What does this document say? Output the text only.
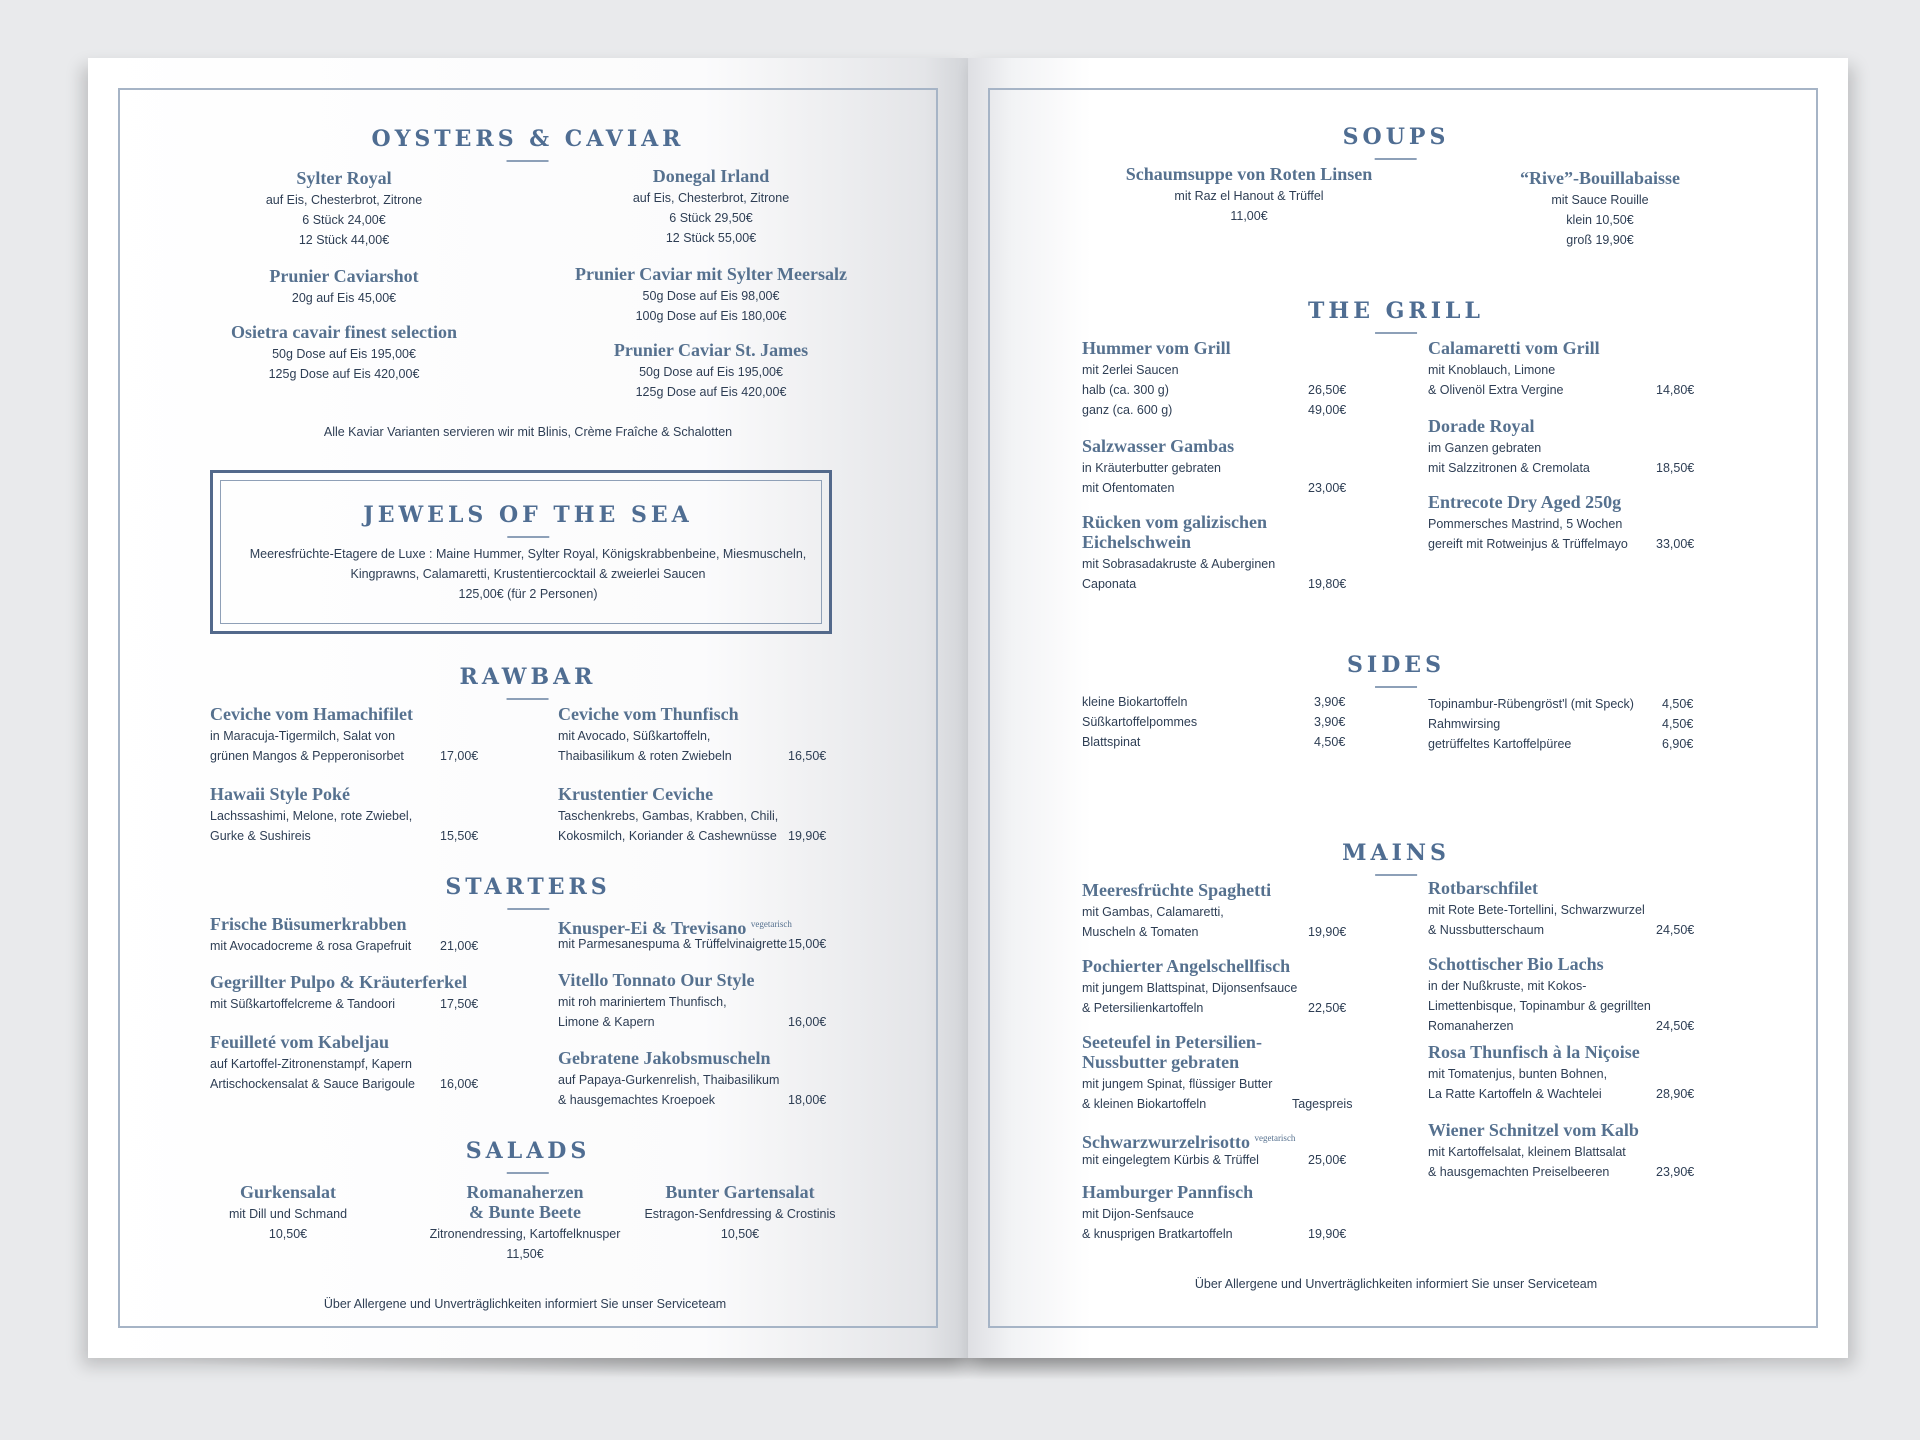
OYSTERS & CAVIAR
Sylter Royal
auf Eis, Chesterbrot, Zitrone
6 Stück 24,00€
12 Stück 44,00€
Donegal Irland
auf Eis, Chesterbrot, Zitrone
6 Stück 29,50€
12 Stück 55,00€
Prunier Caviarshot
20g auf Eis 45,00€
Prunier Caviar mit Sylter Meersalz
50g Dose auf Eis 98,00€
100g Dose auf Eis 180,00€
Osietra cavair finest selection
50g Dose auf Eis 195,00€
125g Dose auf Eis 420,00€
Prunier Caviar St. James
50g Dose auf Eis 195,00€
125g Dose auf Eis 420,00€
Alle Kaviar Varianten servieren wir mit Blinis, Crème Fraîche & Schalotten
JEWELS OF THE SEA
Meeresfrüchte-Etagere de Luxe : Maine Hummer, Sylter Royal, Königskrabbenbeine, Miesmuscheln,
Kingprawns, Calamaretti, Krustentiercocktail & zweierlei Saucen
125,00€ (für 2 Personen)
RAWBAR
Ceviche vom Hamachifilet
in Maracuja-Tigermilch, Salat von
grünen Mangos & Pepperonisorbet	17,00€
Ceviche vom Thunfisch
mit Avocado, Süßkartoffeln,
Thaibasilikum & roten Zwiebeln	16,50€
Hawaii Style Poké
Lachssashimi, Melone, rote Zwiebel,
Gurke & Sushireis	15,50€
Krustentier Ceviche
Taschenkrebs, Gambas, Krabben, Chili,
Kokosmilch, Koriander & Cashewnüsse 19,90€
STARTERS
Frische Büsumerkrabben
mit Avocadocreme & rosa Grapefruit 21,00€
Knusper-Ei & Trevisano $^{vegetarisch}$
mit Parmesanespuma & Trüffelvinaigrette 15,00€
Gegrillter Pulpo & Kräuterferkel
mit Süßkartoffelcreme & Tandoori	17,50€
Vitello Tonnato Our Style
mit roh mariniertem Thunfisch,
Limone & Kapern	16,00€
Feuilleté vom Kabeljau
auf Kartoffel-Zitronenstampf, Kapern
Artischockensalat & Sauce Barigoule 16,00€
Gebratene Jakobsmuscheln
auf Papaya-Gurkenrelish, Thaibasilikum
& hausgemachtes Kroepoek	18,00€
SALADS
Gurkensalat
mit Dill und Schmand
10,50€
Romanaherzen
& Bunte Beete
Zitronendressing, Kartoffelknusper
11,50€
Bunter Gartensalat
Estragon-Senfdressing & Crostinis
10,50€
Über Allergene und Unverträglichkeiten informiert Sie unser Serviceteam
SOUPS
Schaumsuppe von Roten Linsen
mit Raz el Hanout & Trüffel
11,00€
“Rive”-Bouillabaisse
mit Sauce Rouille
klein 10,50€
groß 19,90€
THE GRILL
Hummer vom Grill
mit 2erlei Saucen
halb (ca. 300 g)	26,50€
ganz (ca. 600 g)	49,00€
Calamaretti vom Grill
mit Knoblauch, Limone
& Olivenöl Extra Vergine	14,80€
Salzwasser Gambas
in Kräuterbutter gebraten
mit Ofentomaten	23,00€
Dorade Royal
im Ganzen gebraten
mit Salzzitronen & Cremolata	18,50€
Rücken vom galizischen
Eichelschwein
mit Sobrasadakruste & Auberginen
Caponata	19,80€
Entrecote Dry Aged 250g
Pommersches Mastrind, 5 Wochen
gereift mit Rotweinjus & Trüffelmayo 33,00€
SIDES
kleine Biokartoffeln	3,90€
Süßkartoffelpommes	3,90€
Blattspinat	4,50€
Topinambur-Rübengröst'l (mit Speck) 4,50€
Rahmwirsing	4,50€
getrüffeltes Kartoffelpüree	6,90€
MAINS
Meeresfrüchte Spaghetti
mit Gambas, Calamaretti,
Muscheln & Tomaten	19,90€
Rotbarschfilet
mit Rote Bete-Tortellini, Schwarzwurzel
& Nussbutterschaum	24,50€
Pochierter Angelschellfisch
mit jungem Blattspinat, Dijonsenfsauce
& Petersilienkartoffeln	22,50€
Schottischer Bio Lachs
in der Nußkruste, mit Kokos-
Limettenbisque, Topinambur & gegrillten
Romanaherzen	24,50€
Seeteufel in Petersilien-
Nussbutter gebraten
mit jungem Spinat, flüssiger Butter
& kleinen Biokartoffeln	Tagespreis
Rosa Thunfisch à la Niçoise
mit Tomatenjus, bunten Bohnen,
La Ratte Kartoffeln & Wachtelei	28,90€
Schwarzwurzelrisotto $^{vegetarisch}$
mit eingelegtem Kürbis & Trüffel	25,00€
Wiener Schnitzel vom Kalb
mit Kartoffelsalat, kleinem Blattsalat
& hausgemachten Preiselbeeren	23,90€
Hamburger Pannfisch
mit Dijon-Senfsauce
& knusprigen Bratkartoffeln	19,90€
Über Allergene und Unverträglichkeiten informiert Sie unser Serviceteam
